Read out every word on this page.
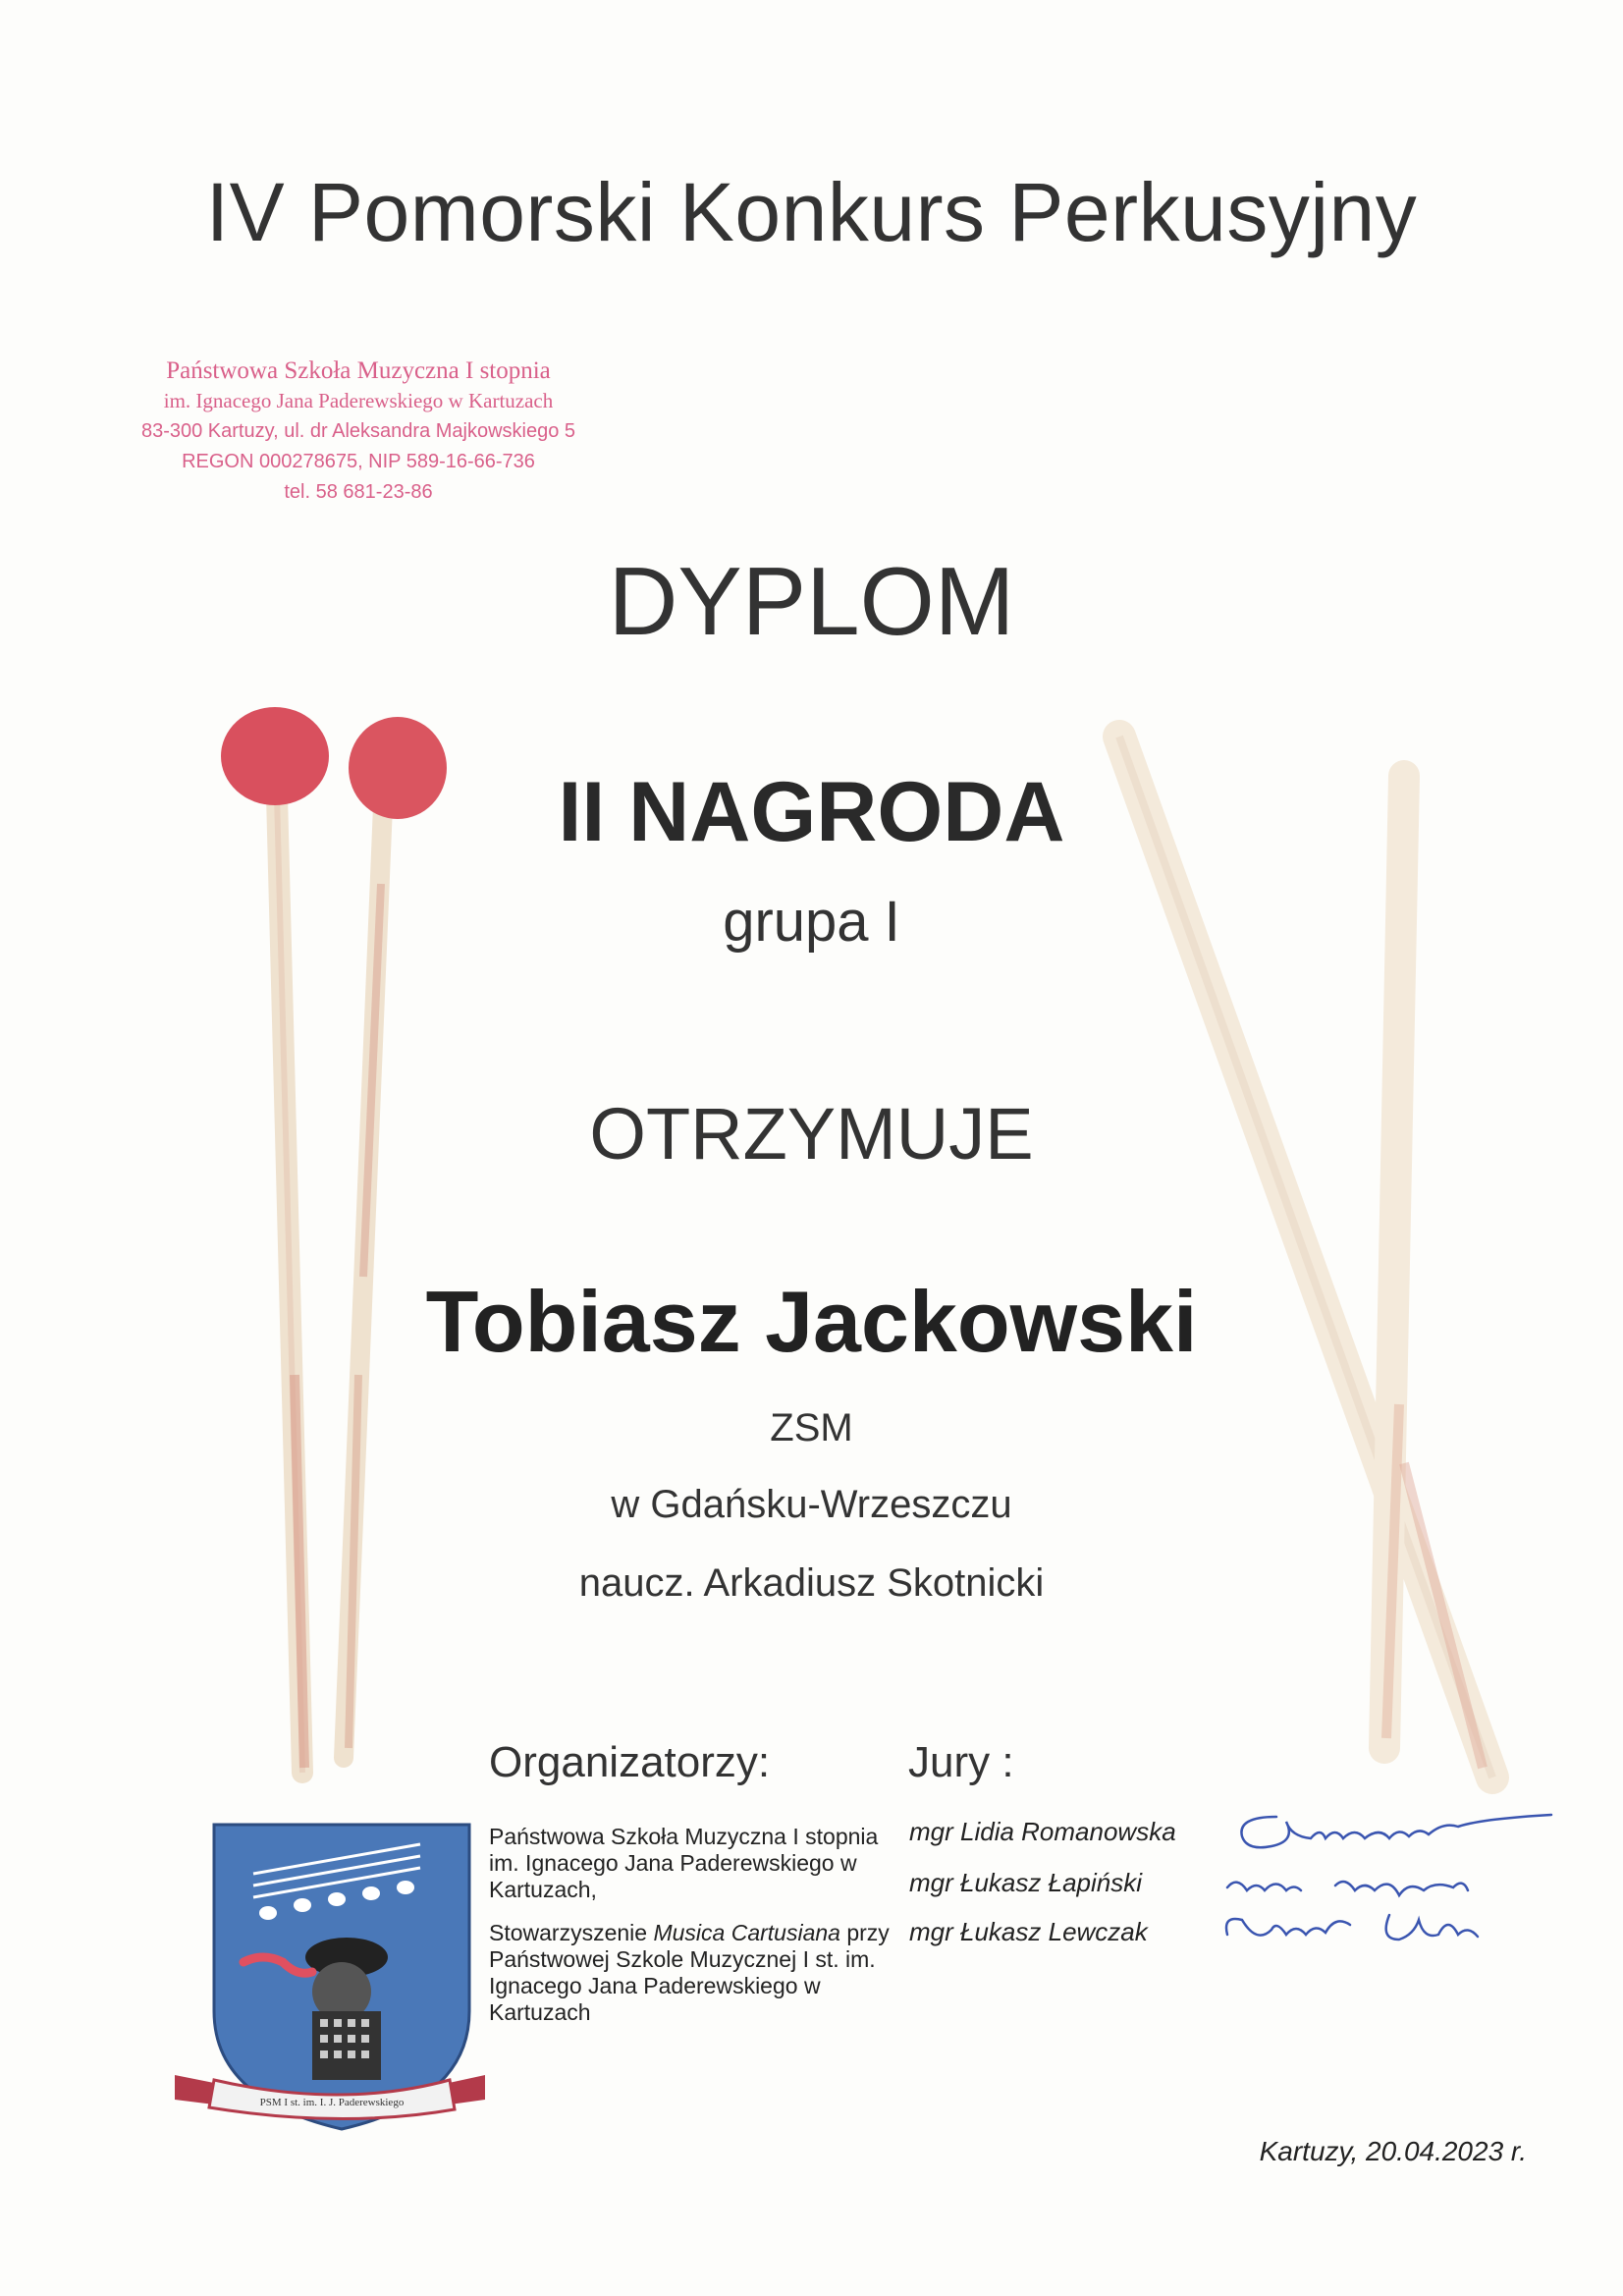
IV Pomorski Konkurs Perkusyjny
Państwowa Szkoła Muzyczna I stopnia
im. Ignacego Jana Paderewskiego w Kartuzach
83-300 Kartuzy, ul. dr Aleksandra Majkowskiego 5
REGON 000278675, NIP 589-16-66-736
tel. 58 681-23-86
DYPLOM
II NAGRODA
grupa I
OTRZYMUJE
Tobiasz Jackowski
ZSM
w Gdańsku-Wrzeszczu
naucz. Arkadiusz Skotnicki
PSM I st. im. I. J. Paderewskiego
Organizatorzy:

Państwowa Szkoła Muzyczna I stopnia im. Ignacego Jana Paderewskiego w Kartuzach,

Stowarzyszenie Musica Cartusiana przy Państwowej Szkole Muzycznej I st. im. Ignacego Jana Paderewskiego w Kartuzach

Jury :
mgr Lidia Romanowska
mgr Łukasz Łapiński
mgr Łukasz Lewczak
Kartuzy, 20.04.2023 r.
